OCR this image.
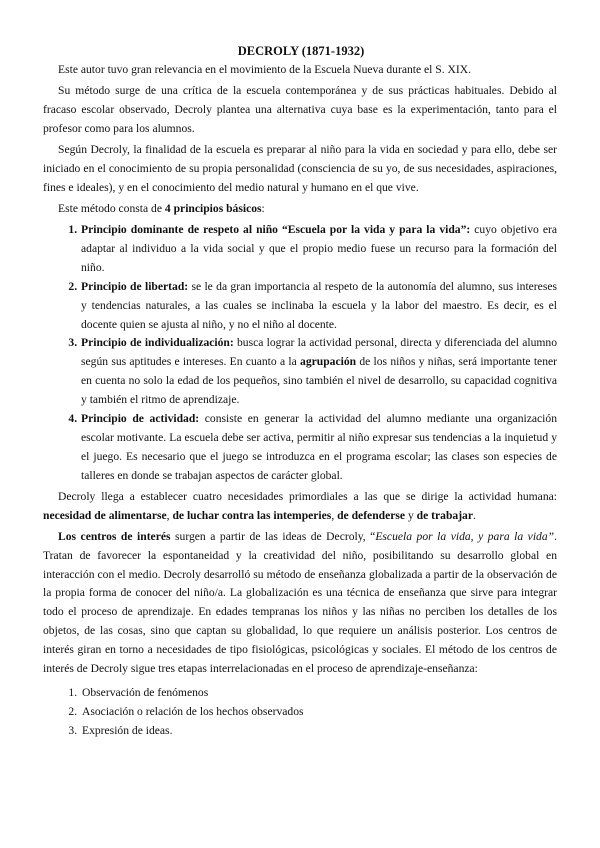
DECROLY (1871-1932)

Este autor tuvo gran relevancia en el movimiento de la Escuela Nueva durante el S. XIX.

Su método surge de una crítica de la escuela contemporánea y de sus prácticas habituales. Debido al fracaso escolar observado, Decroly plantea una alternativa cuya base es la experimentación, tanto para el profesor como para los alumnos.

Según Decroly, la finalidad de la escuela es preparar al niño para la vida en sociedad y para ello, debe ser iniciado en el conocimiento de su propia personalidad (consciencia de su yo, de sus necesidades, aspiraciones, fines e ideales), y en el conocimiento del medio natural y humano en el que vive.

Este método consta de 4 principios básicos:

1. Principio dominante de respeto al niño “Escuela por la vida y para la vida”: cuyo objetivo era adaptar al individuo a la vida social y que el propio medio fuese un recurso para la formación del niño.
2. Principio de libertad: se le da gran importancia al respeto de la autonomía del alumno, sus intereses y tendencias naturales, a las cuales se inclinaba la escuela y la labor del maestro. Es decir, es el docente quien se ajusta al niño, y no el niño al docente.
3. Principio de individualización: busca lograr la actividad personal, directa y diferenciada del alumno según sus aptitudes e intereses. En cuanto a la agrupación de los niños y niñas, será importante tener en cuenta no solo la edad de los pequeños, sino también el nivel de desarrollo, su capacidad cognitiva y también el ritmo de aprendizaje.
4. Principio de actividad: consiste en generar la actividad del alumno mediante una organización escolar motivante. La escuela debe ser activa, permitir al niño expresar sus tendencias a la inquietud y el juego. Es necesario que el juego se introduzca en el programa escolar; las clases son especies de talleres en donde se trabajan aspectos de carácter global.

Decroly llega a establecer cuatro necesidades primordiales a las que se dirige la actividad humana: necesidad de alimentarse, de luchar contra las intemperies, de defenderse y de trabajar.

Los centros de interés surgen a partir de las ideas de Decroly, “Escuela por la vida, y para la vida”. Tratan de favorecer la espontaneidad y la creatividad del niño, posibilitando su desarrollo global en interacción con el medio. Decroly desarrolló su método de enseñanza globalizada a partir de la observación de la propia forma de conocer del niño/a. La globalización es una técnica de enseñanza que sirve para integrar todo el proceso de aprendizaje. En edades tempranas los niños y las niñas no perciben los detalles de los objetos, de las cosas, sino que captan su globalidad, lo que requiere un análisis posterior. Los centros de interés giran en torno a necesidades de tipo fisiológicas, psicológicas y sociales. El método de los centros de interés de Decroly sigue tres etapas interrelacionadas en el proceso de aprendizaje-enseñanza:

1. Observación de fenómenos
2. Asociación o relación de los hechos observados
3. Expresión de ideas.
